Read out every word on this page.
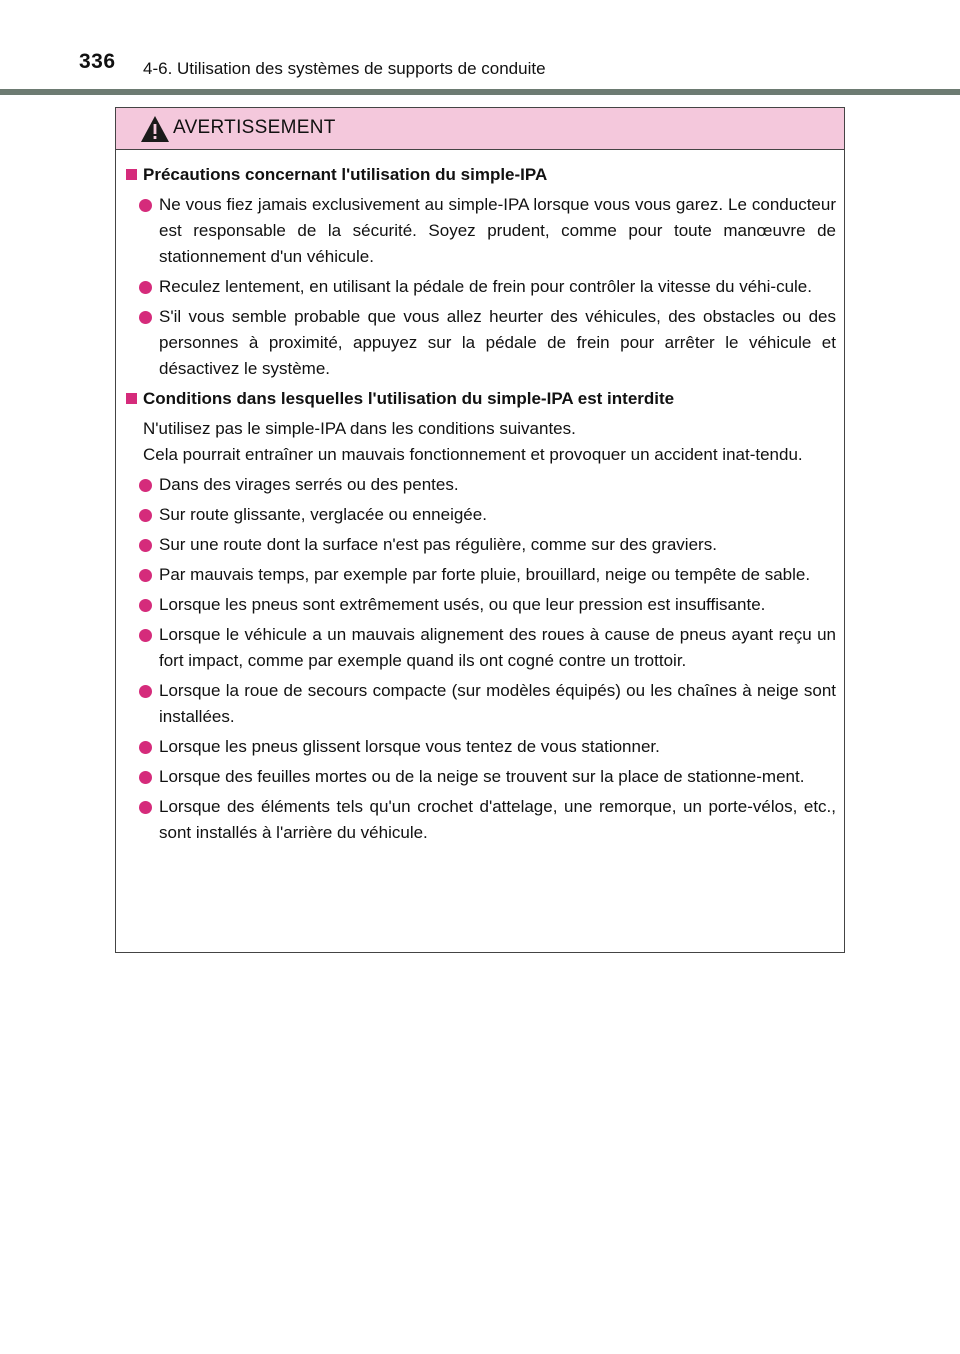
336 4-6. Utilisation des systèmes de supports de conduite
AVERTISSEMENT
Précautions concernant l'utilisation du simple-IPA
Ne vous fiez jamais exclusivement au simple-IPA lorsque vous vous garez. Le conducteur est responsable de la sécurité. Soyez prudent, comme pour toute manœuvre de stationnement d'un véhicule.
Reculez lentement, en utilisant la pédale de frein pour contrôler la vitesse du véhi-cule.
S'il vous semble probable que vous allez heurter des véhicules, des obstacles ou des personnes à proximité, appuyez sur la pédale de frein pour arrêter le véhicule et désactivez le système.
Conditions dans lesquelles l'utilisation du simple-IPA est interdite
N'utilisez pas le simple-IPA dans les conditions suivantes.
Cela pourrait entraîner un mauvais fonctionnement et provoquer un accident inat-tendu.
Dans des virages serrés ou des pentes.
Sur route glissante, verglacée ou enneigée.
Sur une route dont la surface n'est pas régulière, comme sur des graviers.
Par mauvais temps, par exemple par forte pluie, brouillard, neige ou tempête de sable.
Lorsque les pneus sont extrêmement usés, ou que leur pression est insuffisante.
Lorsque le véhicule a un mauvais alignement des roues à cause de pneus ayant reçu un fort impact, comme par exemple quand ils ont cogné contre un trottoir.
Lorsque la roue de secours compacte (sur modèles équipés) ou les chaînes à neige sont installées.
Lorsque les pneus glissent lorsque vous tentez de vous stationner.
Lorsque des feuilles mortes ou de la neige se trouvent sur la place de stationne-ment.
Lorsque des éléments tels qu'un crochet d'attelage, une remorque, un porte-vélos, etc., sont installés à l'arrière du véhicule.
